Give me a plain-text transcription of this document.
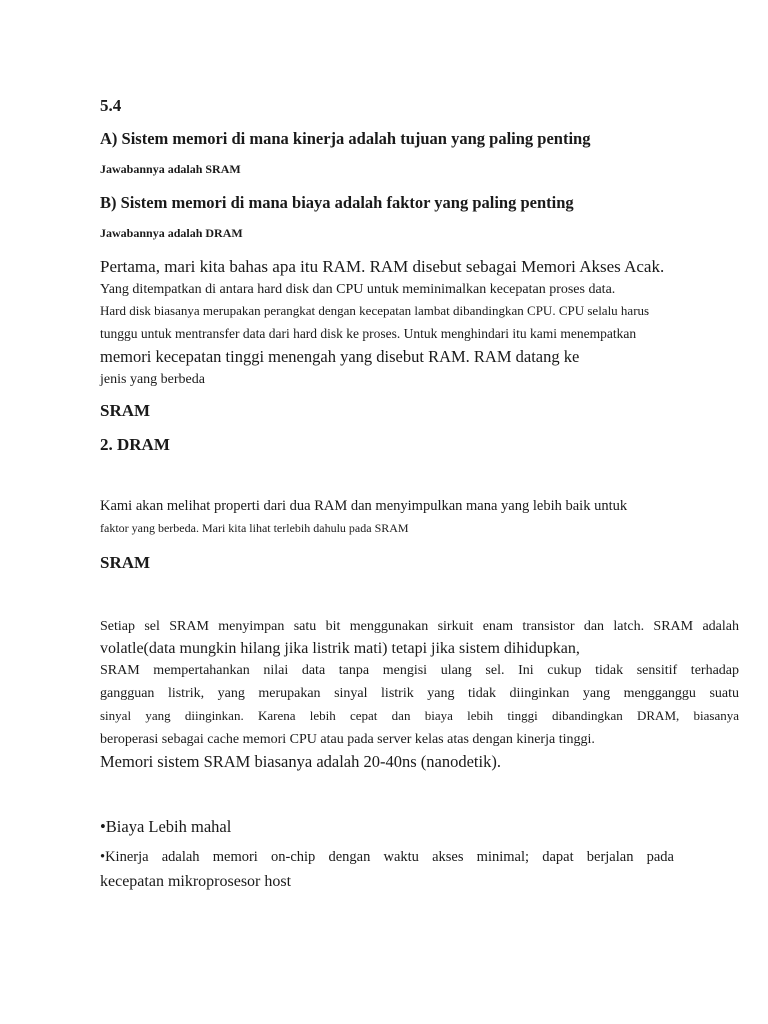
5.4
A) Sistem memori di mana kinerja adalah tujuan yang paling penting
Jawabannya adalah SRAM
B) Sistem memori di mana biaya adalah faktor yang paling penting
Jawabannya adalah DRAM
Pertama, mari kita bahas apa itu RAM. RAM disebut sebagai Memori Akses Acak.
Yang ditempatkan di antara hard disk dan CPU untuk meminimalkan kecepatan proses data.
Hard disk biasanya merupakan perangkat dengan kecepatan lambat dibandingkan CPU. CPU selalu harus
tunggu untuk mentransfer data dari hard disk ke proses. Untuk menghindari itu kami menempatkan
memori kecepatan tinggi menengah yang disebut RAM. RAM datang ke
jenis yang berbeda
SRAM
2. DRAM
Kami akan melihat properti dari dua RAM dan menyimpulkan mana yang lebih baik untuk
faktor yang berbeda. Mari kita lihat terlebih dahulu pada SRAM
SRAM
Setiap sel SRAM menyimpan satu bit menggunakan sirkuit enam transistor dan latch. SRAM adalah
volatle(data mungkin hilang jika listrik mati) tetapi jika sistem dihidupkan,
SRAM mempertahankan nilai data tanpa mengisi ulang sel. Ini cukup tidak sensitif terhadap
gangguan listrik, yang merupakan sinyal listrik yang tidak diinginkan yang mengganggu suatu
sinyal yang diinginkan. Karena lebih cepat dan biaya lebih tinggi dibandingkan DRAM, biasanya
beroperasi sebagai cache memori CPU atau pada server kelas atas dengan kinerja tinggi.
Memori sistem SRAM biasanya adalah 20-40ns (nanodetik).
•Biaya Lebih mahal
•Kinerja adalah memori on-chip dengan waktu akses minimal; dapat berjalan pada
kecepatan mikroprosesor host
